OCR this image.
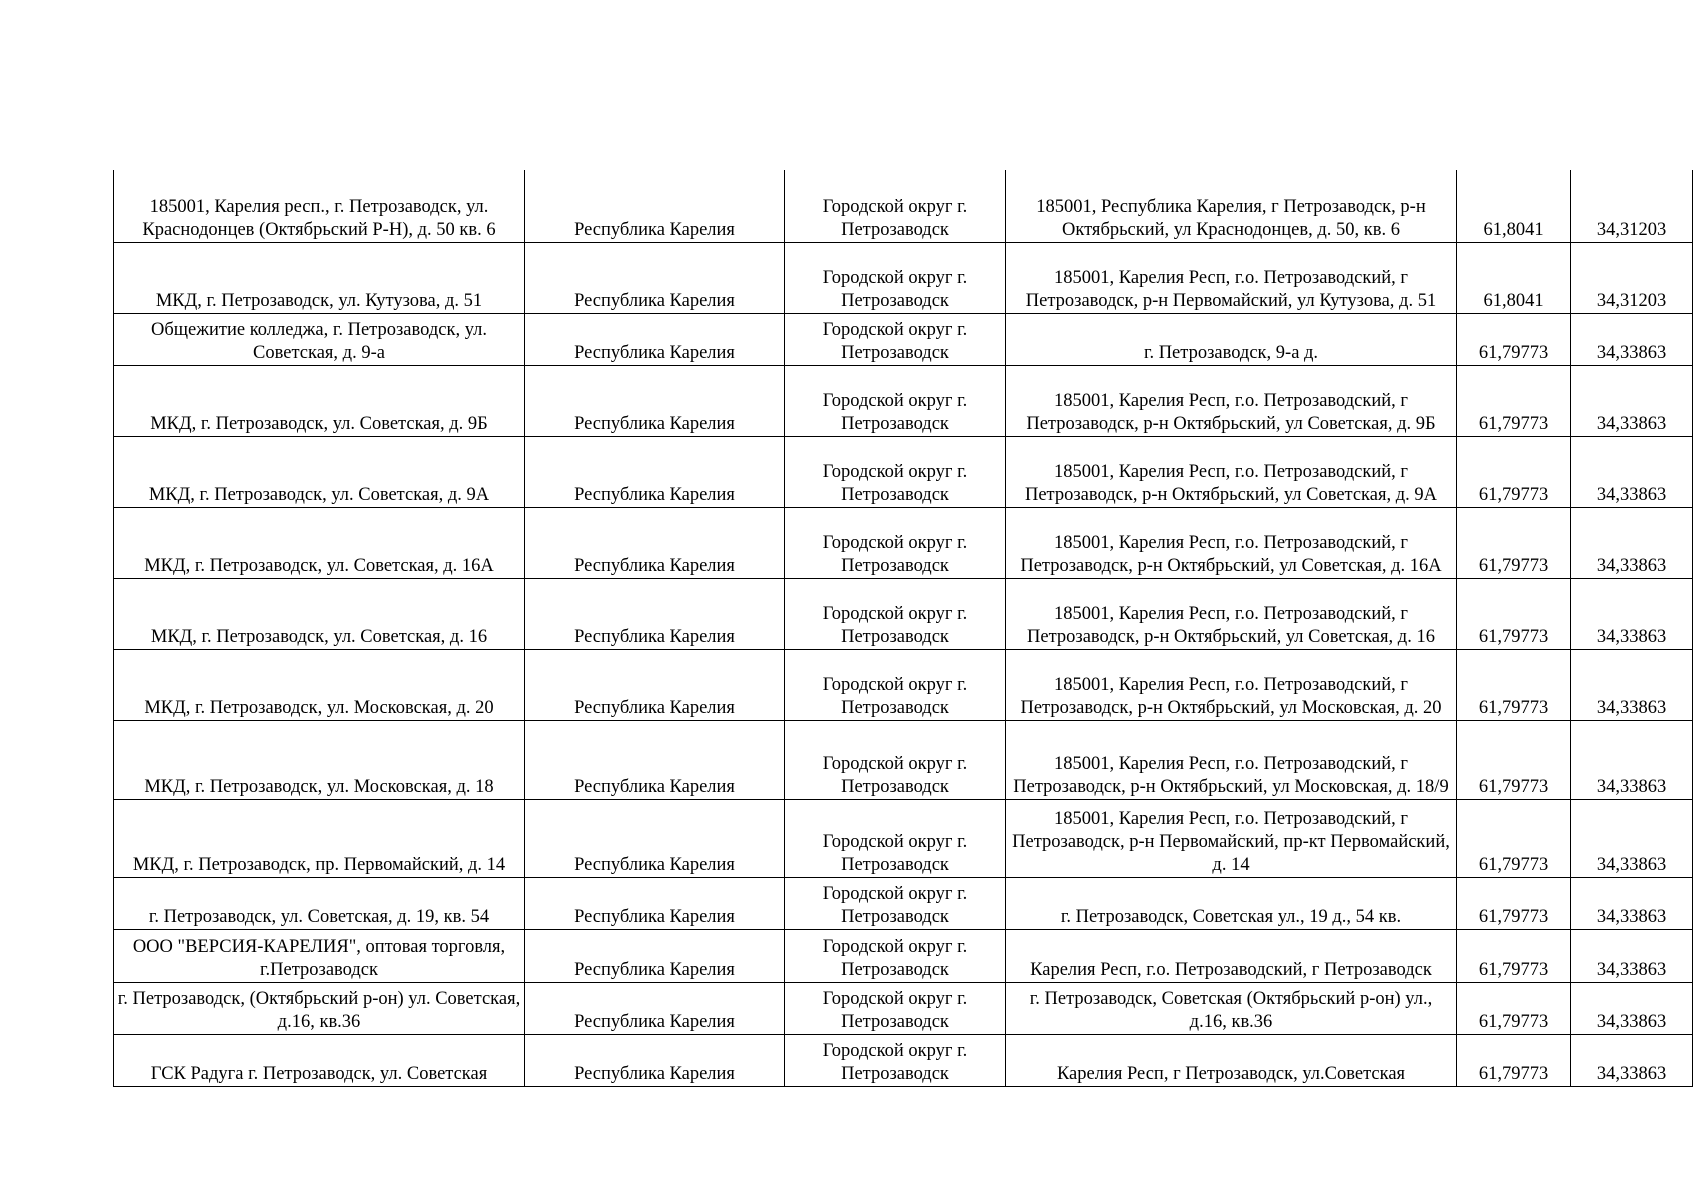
185001, Карелия респ., г. Петрозаводск, ул. Краснодонцев (Октябрьский Р-Н), д. 50 кв. 6	Республика Карелия	Городской округ г. Петрозаводск	185001, Республика Карелия, г Петрозаводск, р-н Октябрьский, ул Краснодонцев, д. 50, кв. 6	61,8041	34,31203
МКД, г. Петрозаводск, ул. Кутузова, д. 51	Республика Карелия	Городской округ г. Петрозаводск	185001, Карелия Респ, г.о. Петрозаводский, г Петрозаводск, р-н Первомайский, ул Кутузова, д. 51	61,8041	34,31203
Общежитие колледжа, г. Петрозаводск, ул. Советская, д. 9-а	Республика Карелия	Городской округ г. Петрозаводск	г. Петрозаводск, 9-а д.	61,79773	34,33863
МКД, г. Петрозаводск, ул. Советская, д. 9Б	Республика Карелия	Городской округ г. Петрозаводск	185001, Карелия Респ, г.о. Петрозаводский, г Петрозаводск, р-н Октябрьский, ул Советская, д. 9Б	61,79773	34,33863
МКД, г. Петрозаводск, ул. Советская, д. 9А	Республика Карелия	Городской округ г. Петрозаводск	185001, Карелия Респ, г.о. Петрозаводский, г Петрозаводск, р-н Октябрьский, ул Советская, д. 9А	61,79773	34,33863
МКД, г. Петрозаводск, ул. Советская, д. 16А	Республика Карелия	Городской округ г. Петрозаводск	185001, Карелия Респ, г.о. Петрозаводский, г Петрозаводск, р-н Октябрьский, ул Советская, д. 16А	61,79773	34,33863
МКД, г. Петрозаводск, ул. Советская, д. 16	Республика Карелия	Городской округ г. Петрозаводск	185001, Карелия Респ, г.о. Петрозаводский, г Петрозаводск, р-н Октябрьский, ул Советская, д. 16	61,79773	34,33863
МКД, г. Петрозаводск, ул. Московская, д. 20	Республика Карелия	Городской округ г. Петрозаводск	185001, Карелия Респ, г.о. Петрозаводский, г Петрозаводск, р-н Октябрьский, ул Московская, д. 20	61,79773	34,33863
МКД, г. Петрозаводск, ул. Московская, д. 18	Республика Карелия	Городской округ г. Петрозаводск	185001, Карелия Респ, г.о. Петрозаводский, г Петрозаводск, р-н Октябрьский, ул Московская, д. 18/9	61,79773	34,33863
МКД, г. Петрозаводск, пр. Первомайский, д. 14	Республика Карелия	Городской округ г. Петрозаводск	185001, Карелия Респ, г.о. Петрозаводский, г Петрозаводск, р-н Первомайский, пр-кт Первомайский, д. 14	61,79773	34,33863
г. Петрозаводск, ул. Советская, д. 19, кв. 54	Республика Карелия	Городской округ г. Петрозаводск	г. Петрозаводск, Советская ул., 19 д., 54 кв.	61,79773	34,33863
ООО "ВЕРСИЯ-КАРЕЛИЯ", оптовая торговля, г.Петрозаводск	Республика Карелия	Городской округ г. Петрозаводск	Карелия Респ, г.о. Петрозаводский, г Петрозаводск	61,79773	34,33863
г. Петрозаводск, (Октябрьский р-он) ул. Советская, д.16, кв.36	Республика Карелия	Городской округ г. Петрозаводск	г. Петрозаводск, Советская (Октябрьский р-он) ул., д.16, кв.36	61,79773	34,33863
ГСК Радуга г. Петрозаводск, ул. Советская	Республика Карелия	Городской округ г. Петрозаводск	Карелия Респ, г Петрозаводск, ул.Советская	61,79773	34,33863
